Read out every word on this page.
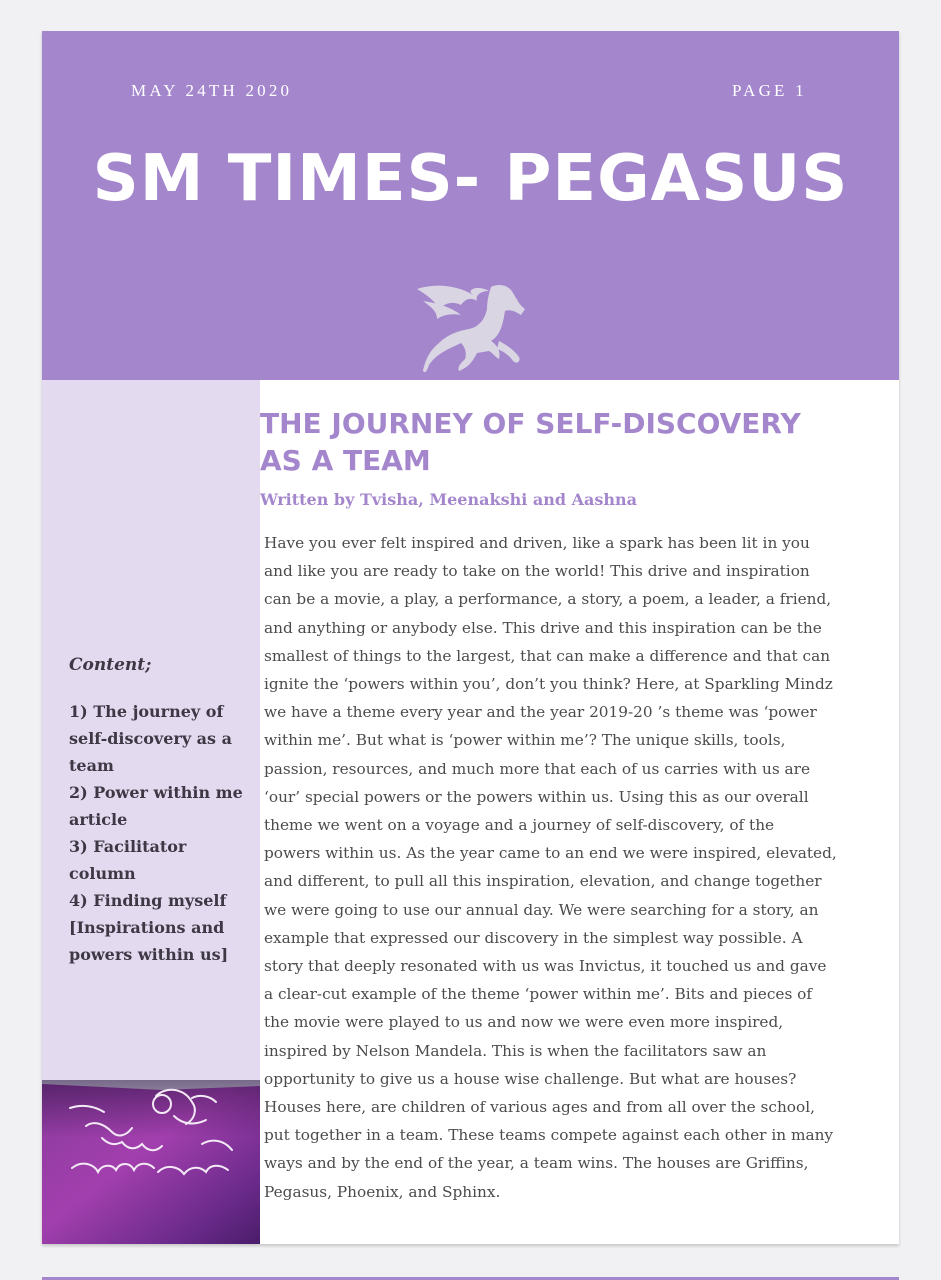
MAY 24TH 2020	PAGE 1
SM TIMES- PEGASUS
Content;
1) The journey of
self-discovery as a
team
2) Power within me
article
3) Facilitator
column
4) Finding myself
[Inspirations and
powers within us]
THE JOURNEY OF SELF-DISCOVERY
AS A TEAM

Written by Tvisha, Meenakshi and Aashna

Have you ever felt inspired and driven, like a spark has been lit in you
and like you are ready to take on the world! This drive and inspiration
can be a movie, a play, a performance, a story, a poem, a leader, a friend,
and anything or anybody else. This drive and this inspiration can be the
smallest of things to the largest, that can make a difference and that can
ignite the ‘powers within you’, don’t you think? Here, at Sparkling Mindz
we have a theme every year and the year 2019-20 ’s theme was ‘power
within me’. But what is ‘power within me’? The unique skills, tools,
passion, resources, and much more that each of us carries with us are
‘our’ special powers or the powers within us. Using this as our overall
theme we went on a voyage and a journey of self-discovery, of the
powers within us. As the year came to an end we were inspired, elevated,
and different, to pull all this inspiration, elevation, and change together
we were going to use our annual day. We were searching for a story, an
example that expressed our discovery in the simplest way possible. A
story that deeply resonated with us was Invictus, it touched us and gave
a clear-cut example of the theme ‘power within me’. Bits and pieces of
the movie were played to us and now we were even more inspired,
inspired by Nelson Mandela. This is when the facilitators saw an
opportunity to give us a house wise challenge. But what are houses?
Houses here, are children of various ages and from all over the school,
put together in a team. These teams compete against each other in many
ways and by the end of the year, a team wins. The houses are Griffins,
Pegasus, Phoenix, and Sphinx.
